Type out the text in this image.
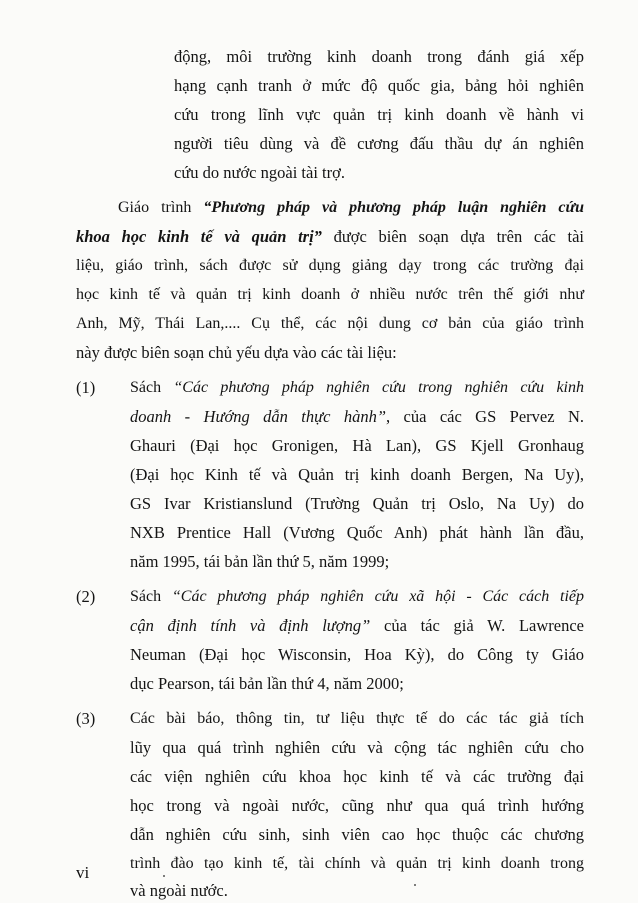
động, môi trường kinh doanh trong đánh giá xếp
hạng cạnh tranh ở mức độ quốc gia, bảng hỏi nghiên
cứu trong lĩnh vực quản trị kinh doanh về hành vi
người tiêu dùng và đề cương đấu thầu dự án nghiên
cứu do nước ngoài tài trợ.
Giáo trình “Phương pháp và phương pháp luận nghiên cứu
khoa học kinh tế và quản trị” được biên soạn dựa trên các tài
liệu, giáo trình, sách được sử dụng giảng dạy trong các trường đại
học kinh tế và quản trị kinh doanh ở nhiều nước trên thế giới như
Anh, Mỹ, Thái Lan,.... Cụ thể, các nội dung cơ bản của giáo trình
này được biên soạn chủ yếu dựa vào các tài liệu:
(1) Sách “Các phương pháp nghiên cứu trong nghiên cứu kinh
doanh - Hướng dẫn thực hành”, của các GS Pervez N.
Ghauri (Đại học Gronigen, Hà Lan), GS Kjell Gronhaug
(Đại học Kinh tế và Quản trị kinh doanh Bergen, Na Uy),
GS Ivar Kristianslund (Trường Quản trị Oslo, Na Uy) do
NXB Prentice Hall (Vương Quốc Anh) phát hành lần đầu,
năm 1995, tái bản lần thứ 5, năm 1999;
(2) Sách “Các phương pháp nghiên cứu xã hội - Các cách tiếp
cận định tính và định lượng” của tác giả W. Lawrence
Neuman (Đại học Wisconsin, Hoa Kỳ), do Công ty Giáo
dục Pearson, tái bản lần thứ 4, năm 2000;
(3) Các bài báo, thông tin, tư liệu thực tế do các tác giả tích
lũy qua quá trình nghiên cứu và cộng tác nghiên cứu cho
các viện nghiên cứu khoa học kinh tế và các trường đại
học trong và ngoài nước, cũng như qua quá trình hướng
dẫn nghiên cứu sinh, sinh viên cao học thuộc các chương
trình đào tạo kinh tế, tài chính và quản trị kinh doanh trong
và ngoài nước.
vi
